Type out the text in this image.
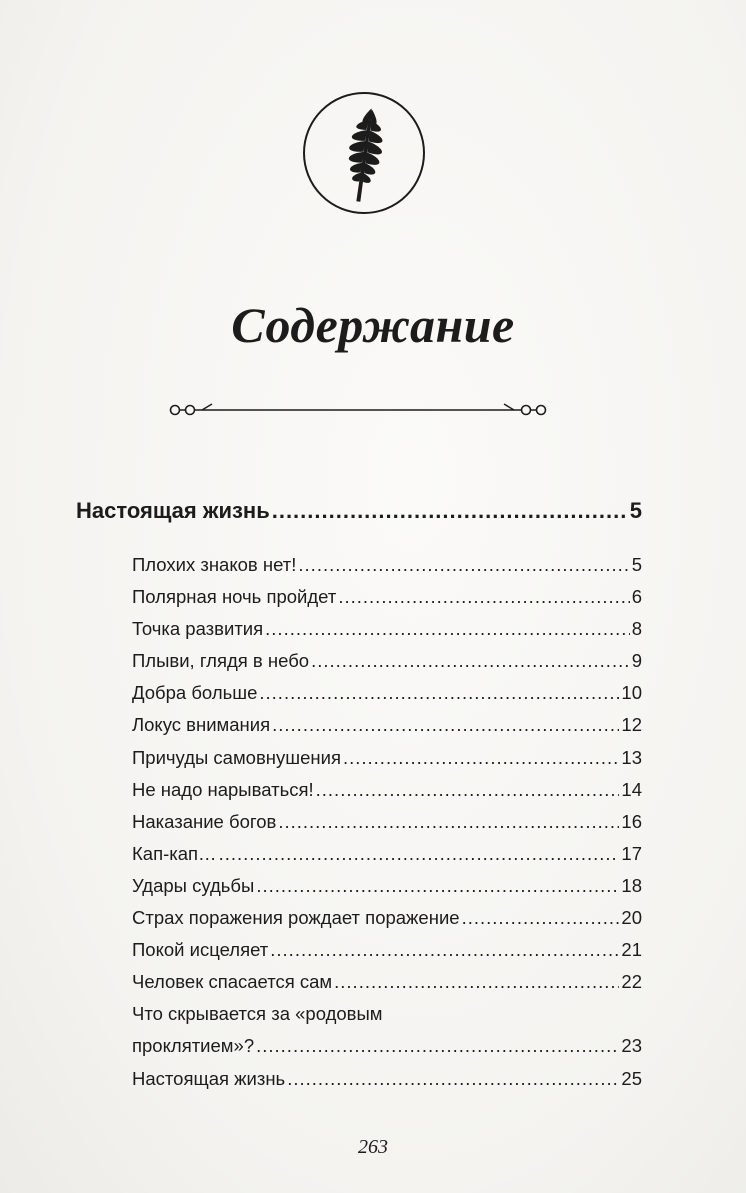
Содержание
Настоящая жизнь .....	5
Плохих знаков нет! .....	5
Полярная ночь пройдет .....	6
Точка развития .....	8
Плыви, глядя в небо .....	9
Добра больше .....	10
Локус внимания .....	12
Причуды самовнушения .....	13
Не надо нарываться! .....	14
Наказание богов .....	16
Кап-кап… .....	17
Удары судьбы .....	18
Страх поражения рождает поражение .....	20
Покой исцеляет .....	21
Человек спасается сам .....	22
Что скрывается за «родовым
проклятием»? .....	23
Настоящая жизнь .....	25
263
